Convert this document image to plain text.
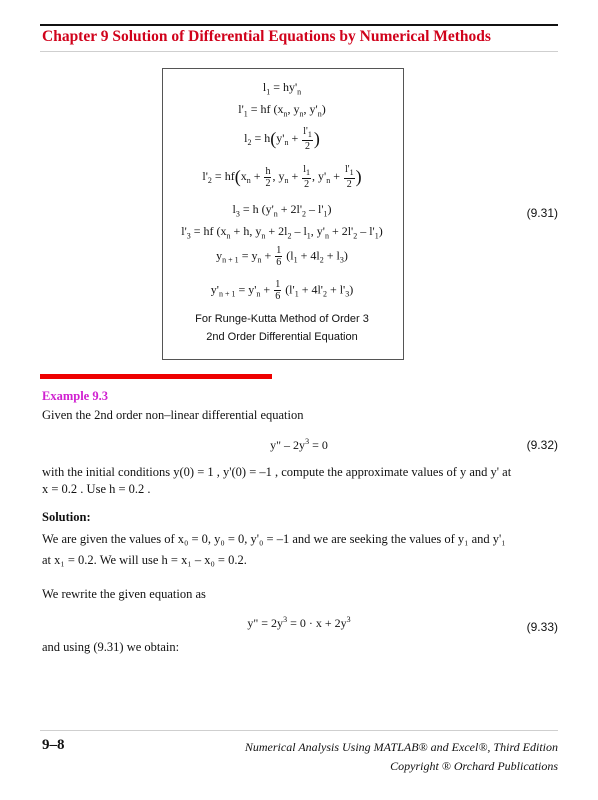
Chapter 9 Solution of Differential Equations by Numerical Methods
$l_1 = hy'_n$
$l'_1$ = hf ($x_n$, $y_n$, $y'_n$)
$l_2 = h(y'_n + \frac{l'_1}{2}$ )
$l'_2 = hf(x_n + \frac{h}{2}$ , $y_n + \frac{l_1}{2}$ , $y'_n + \frac{l'_1}{2}$ )
$l_3 = h$ $(y'_n + 2l'_2 - l'_1)$
$l'_3$ = hf ($x_n + h$, $y_n + 2l_2 - l_1$, $y'_n + 2l'_2 - l'_1$)
$y_{n + 1} = y_n + \frac{1}{6} (l_1 + 4l_2 + l_3)$
$y'_{n + 1} = y'_n + \frac{1}{6} (l'_1 + 4l'_2 + l'_3)$
For Runge-Kutta Method of Order 3
2nd Order Differential Equation
(9.31)
Example 9.3
Given the 2nd order non–linear differential equation
y" – $2y^3 = 0$	(9.32)
with the initial conditions y(0) = 1 , y'(0) = –1 , compute the approximate values of y and y' at
x = 0.2 . Use h = 0.2 .
Solution:
We are given the values of x₀ = 0, y₀ = 0, y'₀ = –1 and we are seeking the values of y₁ and y'₁
at x₁ = 0.2. We will use h = x₁ – x₀ = 0.2.
We rewrite the given equation as
y" = $2y^3 = 0 \cdot x + 2y^3$
(9.33)
and using (9.31) we obtain:
9–8	Numerical Analysis Using MATLAB® and Excel®, Third Edition
Copyright ® Orchard Publications
